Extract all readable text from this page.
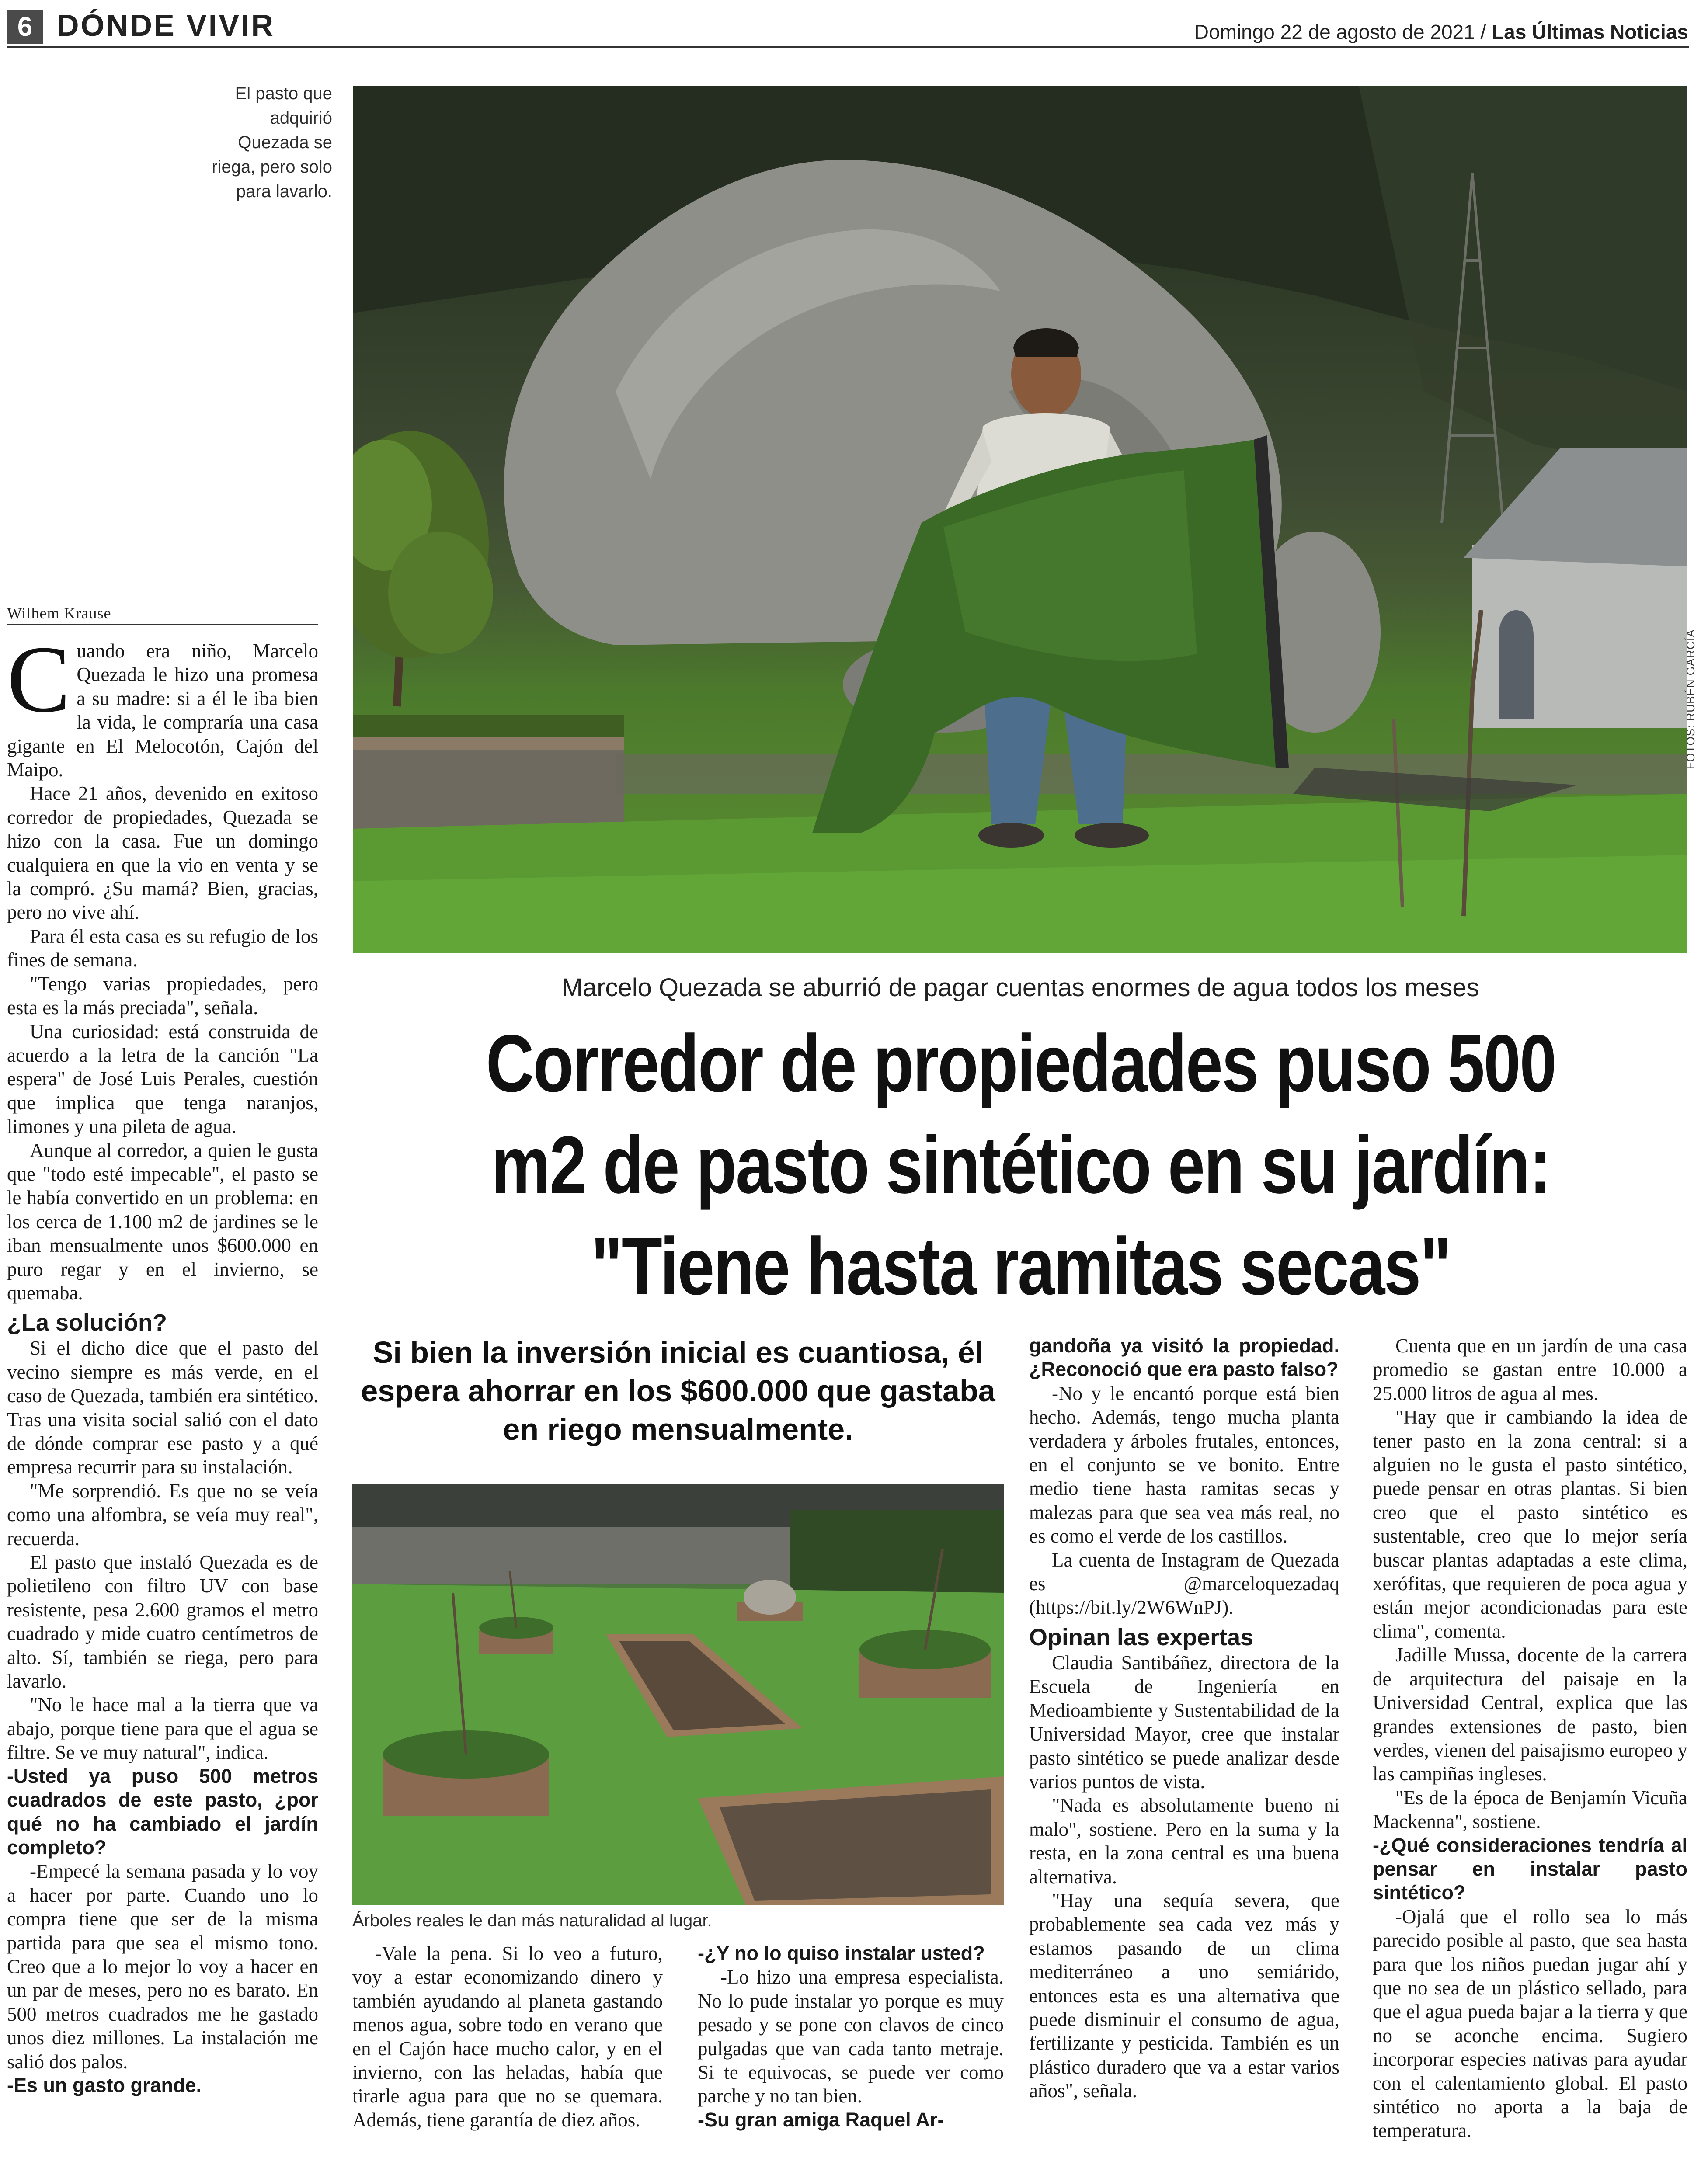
6 DÓNDE VIVIR	Domingo 22 de agosto de 2021 / Las Últimas Noticias
El pasto que adquirió Quezada se riega, pero solo para lavarlo.
FOTOS: RUBÉN GARCÍA
Wilhem Krause
Marcelo Quezada se aburrió de pagar cuentas enormes de agua todos los meses
Corredor de propiedades puso 500 m2 de pasto sintético en su jardín: "Tiene hasta ramitas secas"
Si bien la inversión inicial es cuantiosa, él espera ahorrar en los $600.000 que gastaba en riego mensualmente.
Árboles reales le dan más naturalidad al lugar.

Cuando era niño, Marcelo Quezada le hizo una promesa a su madre: si a él le iba bien la vida, le compraría una casa gigante en El Melocotón, Cajón del Maipo.

Hace 21 años, devenido en exitoso corredor de propiedades, Quezada se hizo con la casa. Fue un domingo cualquiera en que la vio en venta y se la compró. ¿Su mamá? Bien, gracias, pero no vive ahí.

Para él esta casa es su refugio de los fines de semana.

"Tengo varias propiedades, pero esta es la más preciada", señala.

Una curiosidad: está construida de acuerdo a la letra de la canción "La espera" de José Luis Perales, cuestión que implica que tenga naranjos, limones y una pileta de agua.

Aunque al corredor, a quien le gusta que "todo esté impecable", el pasto se le había convertido en un problema: en los cerca de 1.100 m2 de jardines se le iban mensualmente unos $600.000 en puro regar y en el invierno, se quemaba.

¿La solución?

Si el dicho dice que el pasto del vecino siempre es más verde, en el caso de Quezada, también era sintético. Tras una visita social salió con el dato de dónde comprar ese pasto y a qué empresa recurrir para su instalación.

"Me sorprendió. Es que no se veía como una alfombra, se veía muy real", recuerda.

El pasto que instaló Quezada es de polietileno con filtro UV con base resistente, pesa 2.600 gramos el metro cuadrado y mide cuatro centímetros de alto. Sí, también se riega, pero para lavarlo.

"No le hace mal a la tierra que va abajo, porque tiene para que el agua se filtre. Se ve muy natural", indica.

-Usted ya puso 500 metros cuadrados de este pasto, ¿por qué no ha cambiado el jardín completo?

-Empecé la semana pasada y lo voy a hacer por parte. Cuando uno lo compra tiene que ser de la misma partida para que sea el mismo tono. Creo que a lo mejor lo voy a hacer en un par de meses, pero no es barato. En 500 metros cuadrados me he gastado unos diez millones. La instalación me salió dos palos.

-Es un gasto grande.

-Vale la pena. Si lo veo a futuro, voy a estar economizando dinero y también ayudando al planeta gastando menos agua, sobre todo en verano que en el Cajón hace mucho calor, y en el invierno, con las heladas, había que tirarle agua para que no se quemara. Además, tiene garantía de diez años.

-¿Y no lo quiso instalar usted?

-Lo hizo una empresa especialista. No lo pude instalar yo porque es muy pesado y se pone con clavos de cinco pulgadas que van cada tanto metraje. Si te equivocas, se puede ver como parche y no tan bien.

-Su gran amiga Raquel Ar-

gandoña ya visitó la propiedad. ¿Reconoció que era pasto falso?

-No y le encantó porque está bien hecho. Además, tengo mucha planta verdadera y árboles frutales, entonces, en el conjunto se ve bonito. Entre medio tiene hasta ramitas secas y malezas para que sea vea más real, no es como el verde de los castillos.

La cuenta de Instagram de Quezada es @marceloquezadaq (https://bit.ly/2W6WnPJ).

Opinan las expertas

Claudia Santibáñez, directora de la Escuela de Ingeniería en Medioambiente y Sustentabilidad de la Universidad Mayor, cree que instalar pasto sintético se puede analizar desde varios puntos de vista.

"Nada es absolutamente bueno ni malo", sostiene. Pero en la suma y la resta, en la zona central es una buena alternativa.

"Hay una sequía severa, que probablemente sea cada vez más y estamos pasando de un clima mediterráneo a uno semiárido, entonces esta es una alternativa que puede disminuir el consumo de agua, fertilizante y pesticida. También es un plástico duradero que va a estar varios años", señala.

Cuenta que en un jardín de una casa promedio se gastan entre 10.000 a 25.000 litros de agua al mes.

"Hay que ir cambiando la idea de tener pasto en la zona central: si a alguien no le gusta el pasto sintético, puede pensar en otras plantas. Si bien creo que el pasto sintético es sustentable, creo que lo mejor sería buscar plantas adaptadas a este clima, xerófitas, que requieren de poca agua y están mejor acondicionadas para este clima", comenta.

Jadille Mussa, docente de la carrera de arquitectura del paisaje en la Universidad Central, explica que las grandes extensiones de pasto, bien verdes, vienen del paisajismo europeo y las campiñas ingleses.

"Es de la época de Benjamín Vicuña Mackenna", sostiene.

-¿Qué consideraciones tendría al pensar en instalar pasto sintético?

-Ojalá que el rollo sea lo más parecido posible al pasto, que sea hasta para que los niños puedan jugar ahí y que no sea de un plástico sellado, para que el agua pueda bajar a la tierra y que no se aconche encima. Sugiero incorporar especies nativas para ayudar con el calentamiento global. El pasto sintético no aporta a la baja de temperatura.
